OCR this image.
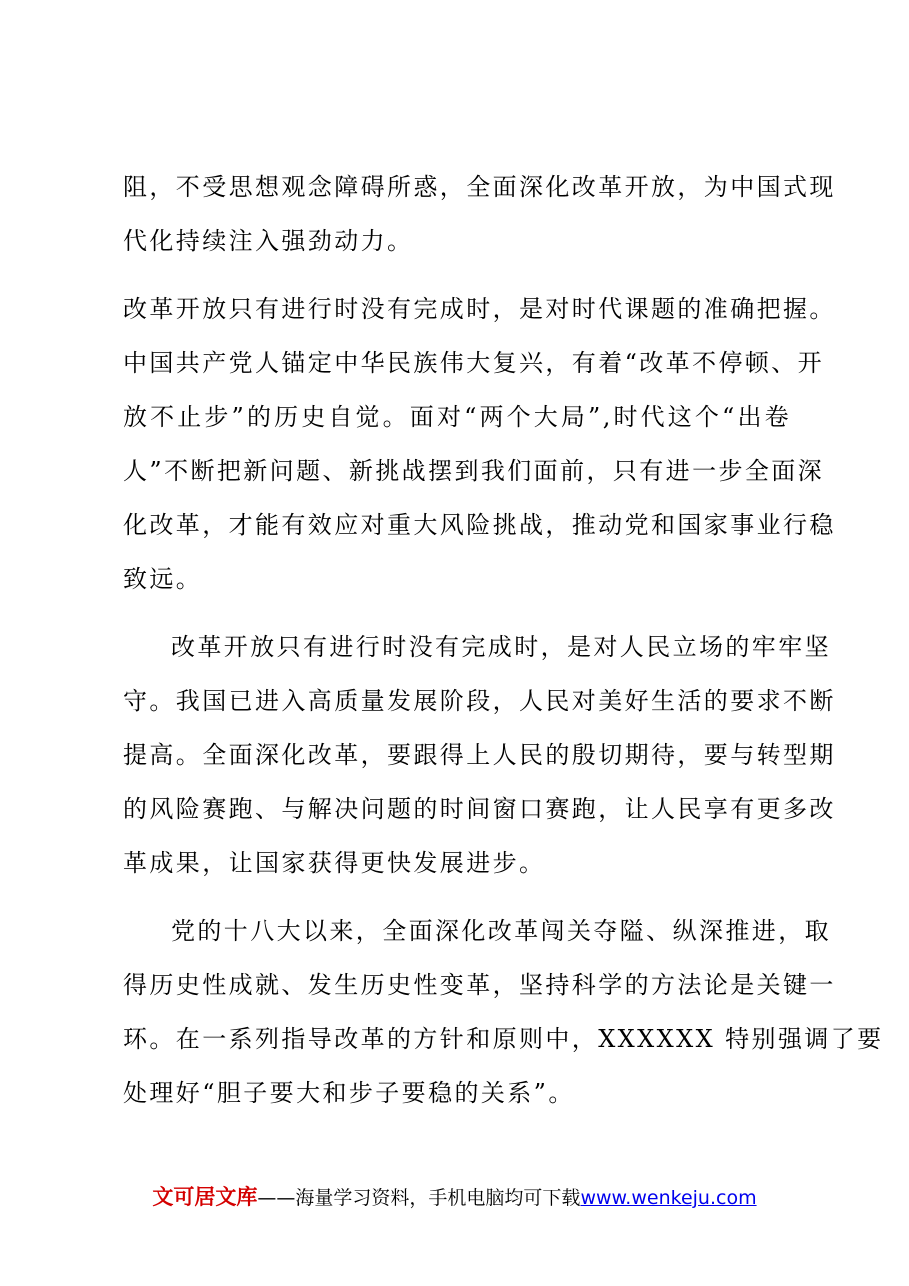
阻，不受思想观念障碍所惑，全面深化改革开放，为中国式现
代化持续注入强劲动力。
改革开放只有进行时没有完成时，是对时代课题的准确把握。
中国共产党人锚定中华民族伟大复兴，有着“改革不停顿、开
放不止步”的历史自觉。面对“两个大局”,时代这个“出卷
人”不断把新问题、新挑战摆到我们面前，只有进一步全面深
化改革，才能有效应对重大风险挑战，推动党和国家事业行稳
致远。
改革开放只有进行时没有完成时，是对人民立场的牢牢坚
守。我国已进入高质量发展阶段，人民对美好生活的要求不断
提高。全面深化改革，要跟得上人民的殷切期待，要与转型期
的风险赛跑、与解决问题的时间窗口赛跑，让人民享有更多改
革成果，让国家获得更快发展进步。
党的十八大以来，全面深化改革闯关夺隘、纵深推进，取
得历史性成就、发生历史性变革，坚持科学的方法论是关键一
环。在一系列指导改革的方针和原则中，XXXXXX 特别强调了要
处理好“胆子要大和步子要稳的关系”。
文可居文库——海量学习资料，手机电脑均可下载www.wenkeju.com
